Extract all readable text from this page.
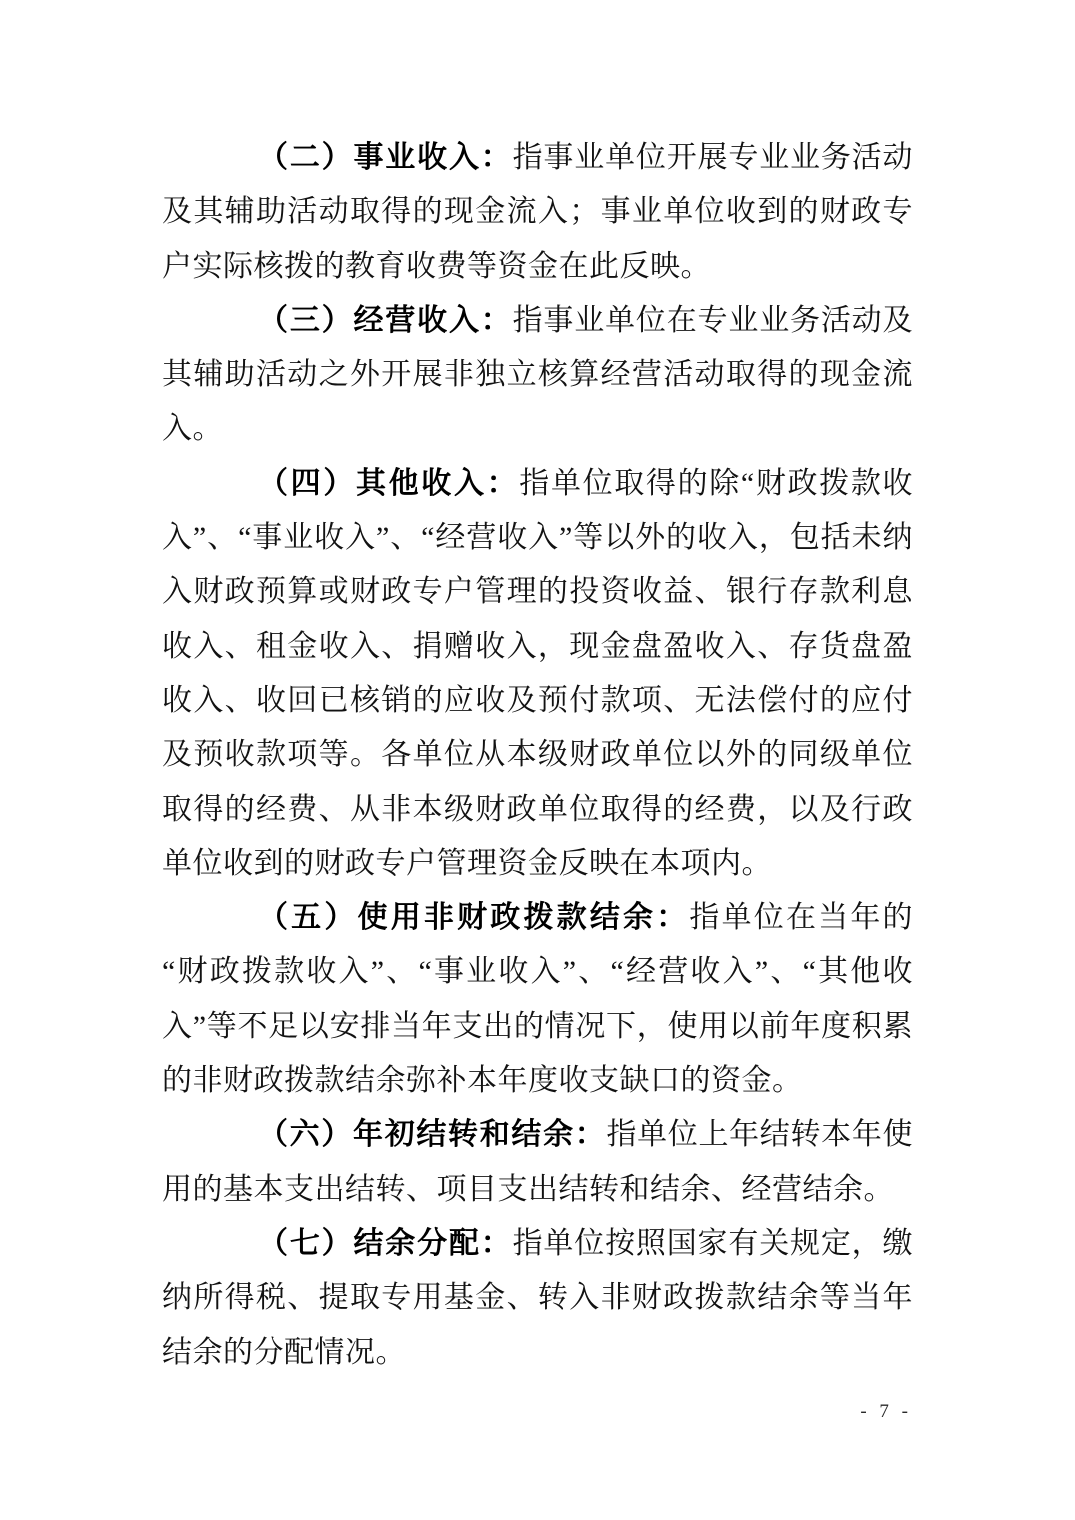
（二）事业收入：指事业单位开展专业业务活动及其辅助活动取得的现金流入；事业单位收到的财政专户实际核拨的教育收费等资金在此反映。

（三）经营收入：指事业单位在专业业务活动及其辅助活动之外开展非独立核算经营活动取得的现金流入。

（四）其他收入：指单位取得的除“财政拨款收入”、“事业收入”、“经营收入”等以外的收入，包括未纳入财政预算或财政专户管理的投资收益、银行存款利息收入、租金收入、捐赠收入，现金盘盈收入、存货盘盈收入、收回已核销的应收及预付款项、无法偿付的应付及预收款项等。各单位从本级财政单位以外的同级单位取得的经费、从非本级财政单位取得的经费，以及行政单位收到的财政专户管理资金反映在本项内。

（五）使用非财政拨款结余：指单位在当年的“财政拨款收入”、“事业收入”、“经营收入”、“其他收入”等不足以安排当年支出的情况下，使用以前年度积累的非财政拨款结余弥补本年度收支缺口的资金。

（六）年初结转和结余：指单位上年结转本年使用的基本支出结转、项目支出结转和结余、经营结余。

（七）结余分配：指单位按照国家有关规定，缴纳所得税、提取专用基金、转入非财政拨款结余等当年结余的分配情况。

- 7 -
